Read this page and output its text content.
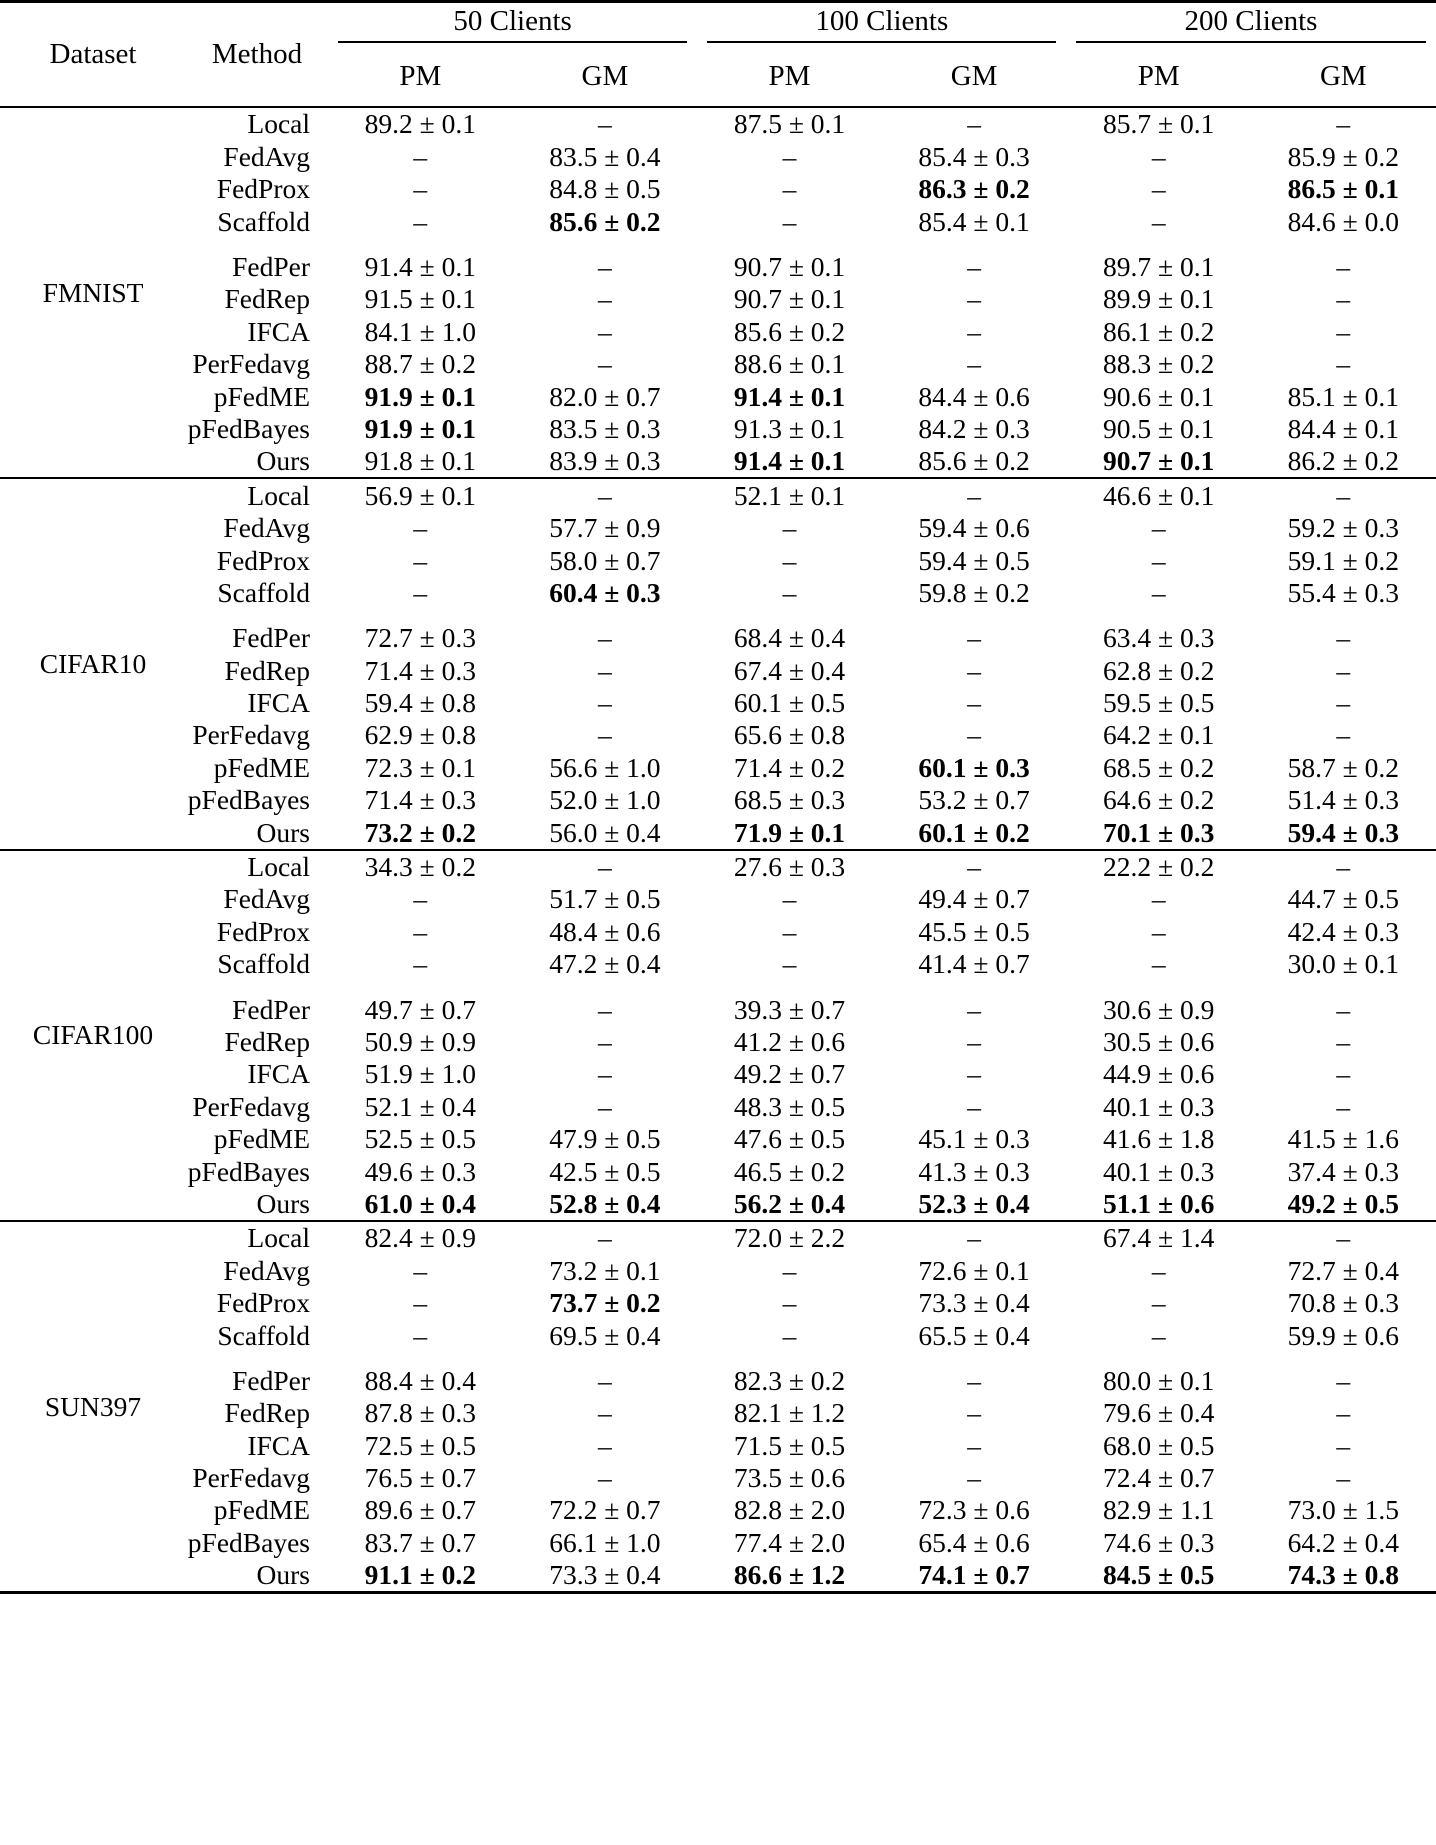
Dataset	Method	50 Clients		100 Clients		200 Clients	

		PM	GM	PM	GM	PM	GM
FMNIST	Local	89.2 ± 0.1	–	87.5 ± 0.1	–	85.7 ± 0.1	–
	FedAvg	–	83.5 ± 0.4	–	85.4 ± 0.3	–	85.9 ± 0.2
	FedProx	–	84.8 ± 0.5	–	86.3 ± 0.2	–	86.5 ± 0.1
	Scaffold	–	85.6 ± 0.2	–	85.4 ± 0.1	–	84.6 ± 0.0

	FedPer	91.4 ± 0.1	–	90.7 ± 0.1	–	89.7 ± 0.1	–
	FedRep	91.5 ± 0.1	–	90.7 ± 0.1	–	89.9 ± 0.1	–
	IFCA	84.1 ± 1.0	–	85.6 ± 0.2	–	86.1 ± 0.2	–
	PerFedavg	88.7 ± 0.2	–	88.6 ± 0.1	–	88.3 ± 0.2	–
	pFedME	91.9 ± 0.1	82.0 ± 0.7	91.4 ± 0.1	84.4 ± 0.6	90.6 ± 0.1	85.1 ± 0.1
	pFedBayes	91.9 ± 0.1	83.5 ± 0.3	91.3 ± 0.1	84.2 ± 0.3	90.5 ± 0.1	84.4 ± 0.1
	Ours	91.8 ± 0.1	83.9 ± 0.3	91.4 ± 0.1	85.6 ± 0.2	90.7 ± 0.1	86.2 ± 0.2
CIFAR10	Local	56.9 ± 0.1	–	52.1 ± 0.1	–	46.6 ± 0.1	–
	FedAvg	–	57.7 ± 0.9	–	59.4 ± 0.6	–	59.2 ± 0.3
	FedProx	–	58.0 ± 0.7	–	59.4 ± 0.5	–	59.1 ± 0.2
	Scaffold	–	60.4 ± 0.3	–	59.8 ± 0.2	–	55.4 ± 0.3

	FedPer	72.7 ± 0.3	–	68.4 ± 0.4	–	63.4 ± 0.3	–
	FedRep	71.4 ± 0.3	–	67.4 ± 0.4	–	62.8 ± 0.2	–
	IFCA	59.4 ± 0.8	–	60.1 ± 0.5	–	59.5 ± 0.5	–
	PerFedavg	62.9 ± 0.8	–	65.6 ± 0.8	–	64.2 ± 0.1	–
	pFedME	72.3 ± 0.1	56.6 ± 1.0	71.4 ± 0.2	60.1 ± 0.3	68.5 ± 0.2	58.7 ± 0.2
	pFedBayes	71.4 ± 0.3	52.0 ± 1.0	68.5 ± 0.3	53.2 ± 0.7	64.6 ± 0.2	51.4 ± 0.3
	Ours	73.2 ± 0.2	56.0 ± 0.4	71.9 ± 0.1	60.1 ± 0.2	70.1 ± 0.3	59.4 ± 0.3
CIFAR100	Local	34.3 ± 0.2	–	27.6 ± 0.3	–	22.2 ± 0.2	–
	FedAvg	–	51.7 ± 0.5	–	49.4 ± 0.7	–	44.7 ± 0.5
	FedProx	–	48.4 ± 0.6	–	45.5 ± 0.5	–	42.4 ± 0.3
	Scaffold	–	47.2 ± 0.4	–	41.4 ± 0.7	–	30.0 ± 0.1

	FedPer	49.7 ± 0.7	–	39.3 ± 0.7	–	30.6 ± 0.9	–
	FedRep	50.9 ± 0.9	–	41.2 ± 0.6	–	30.5 ± 0.6	–
	IFCA	51.9 ± 1.0	–	49.2 ± 0.7	–	44.9 ± 0.6	–
	PerFedavg	52.1 ± 0.4	–	48.3 ± 0.5	–	40.1 ± 0.3	–
	pFedME	52.5 ± 0.5	47.9 ± 0.5	47.6 ± 0.5	45.1 ± 0.3	41.6 ± 1.8	41.5 ± 1.6
	pFedBayes	49.6 ± 0.3	42.5 ± 0.5	46.5 ± 0.2	41.3 ± 0.3	40.1 ± 0.3	37.4 ± 0.3
	Ours	61.0 ± 0.4	52.8 ± 0.4	56.2 ± 0.4	52.3 ± 0.4	51.1 ± 0.6	49.2 ± 0.5
SUN397	Local	82.4 ± 0.9	–	72.0 ± 2.2	–	67.4 ± 1.4	–
	FedAvg	–	73.2 ± 0.1	–	72.6 ± 0.1	–	72.7 ± 0.4
	FedProx	–	73.7 ± 0.2	–	73.3 ± 0.4	–	70.8 ± 0.3
	Scaffold	–	69.5 ± 0.4	–	65.5 ± 0.4	–	59.9 ± 0.6

	FedPer	88.4 ± 0.4	–	82.3 ± 0.2	–	80.0 ± 0.1	–
	FedRep	87.8 ± 0.3	–	82.1 ± 1.2	–	79.6 ± 0.4	–
	IFCA	72.5 ± 0.5	–	71.5 ± 0.5	–	68.0 ± 0.5	–
	PerFedavg	76.5 ± 0.7	–	73.5 ± 0.6	–	72.4 ± 0.7	–
	pFedME	89.6 ± 0.7	72.2 ± 0.7	82.8 ± 2.0	72.3 ± 0.6	82.9 ± 1.1	73.0 ± 1.5
	pFedBayes	83.7 ± 0.7	66.1 ± 1.0	77.4 ± 2.0	65.4 ± 0.6	74.6 ± 0.3	64.2 ± 0.4
	Ours	91.1 ± 0.2	73.3 ± 0.4	86.6 ± 1.2	74.1 ± 0.7	84.5 ± 0.5	74.3 ± 0.8
